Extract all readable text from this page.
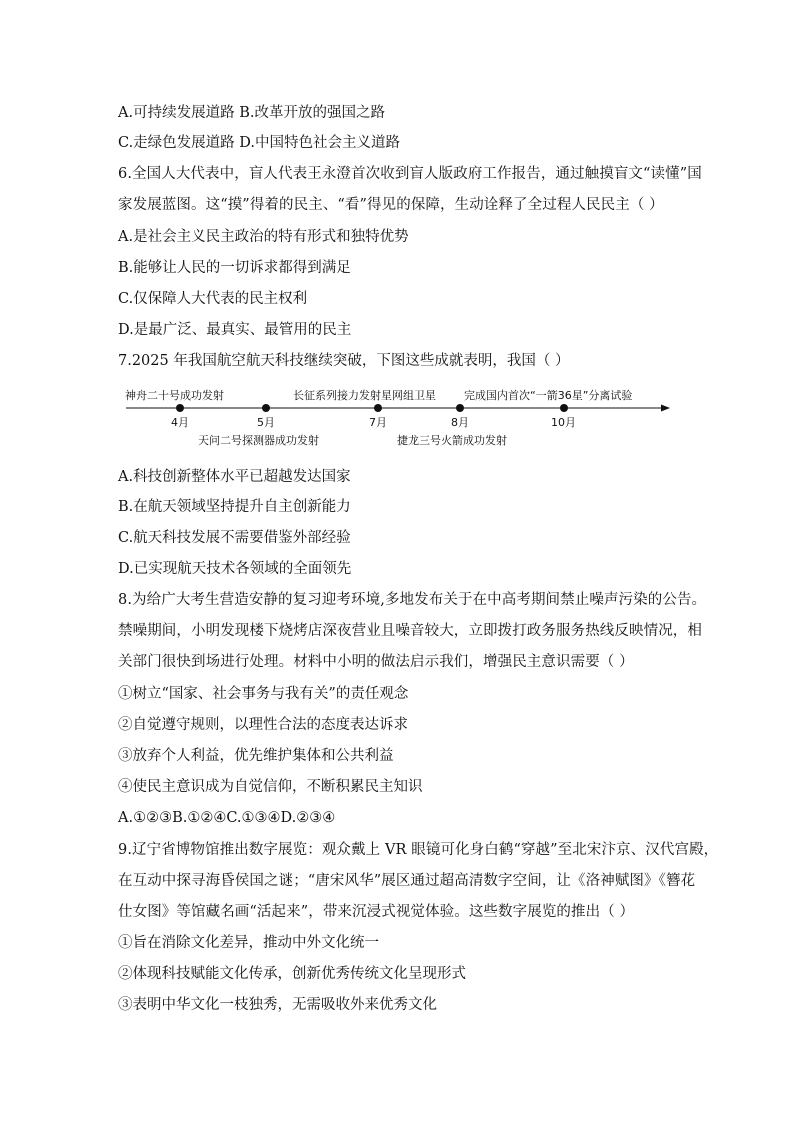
A.可持续发展道路 B.改革开放的强国之路
C.走绿色发展道路 D.中国特色社会主义道路
6.全国人大代表中，盲人代表王永澄首次收到盲人版政府工作报告，通过触摸盲文“读懂”国
家发展蓝图。这“摸”得着的民主、“看”得见的保障，生动诠释了全过程人民民主（ ）
A.是社会主义民主政治的特有形式和独特优势
B.能够让人民的一切诉求都得到满足
C.仅保障人大代表的民主权利
D.是最广泛、最真实、最管用的民主
7.2025 年我国航空航天科技继续突破，下图这些成就表明，我国（ ）
神舟二十号成功发射	长征系列接力发射星网组卫星	完成国内首次“一箭36星”分离试验
4月	5月	7月	8月	10月
天问二号探测器成功发射	捷龙三号火箭成功发射
A.科技创新整体水平已超越发达国家
B.在航天领域坚持提升自主创新能力
C.航天科技发展不需要借鉴外部经验
D.已实现航天技术各领域的全面领先
8.为给广大考生营造安静的复习迎考环境,多地发布关于在中高考期间禁止噪声污染的公告。
禁噪期间，小明发现楼下烧烤店深夜营业且噪音较大，立即拨打政务服务热线反映情况，相
关部门很快到场进行处理。材料中小明的做法启示我们，增强民主意识需要（ ）
①树立“国家、社会事务与我有关”的责任观念
②自觉遵守规则，以理性合法的态度表达诉求
③放弃个人利益，优先维护集体和公共利益
④使民主意识成为自觉信仰，不断积累民主知识
A.①②③B.①②④C.①③④D.②③④
9.辽宁省博物馆推出数字展览：观众戴上 VR 眼镜可化身白鹤“穿越”至北宋汴京、汉代宫殿，
在互动中探寻海昏侯国之谜；“唐宋风华”展区通过超高清数字空间，让《洛神赋图》《簪花
仕女图》等馆藏名画“活起来”，带来沉浸式视觉体验。这些数字展览的推出（ ）
①旨在消除文化差异，推动中外文化统一
②体现科技赋能文化传承，创新优秀传统文化呈现形式
③表明中华文化一枝独秀，无需吸收外来优秀文化
